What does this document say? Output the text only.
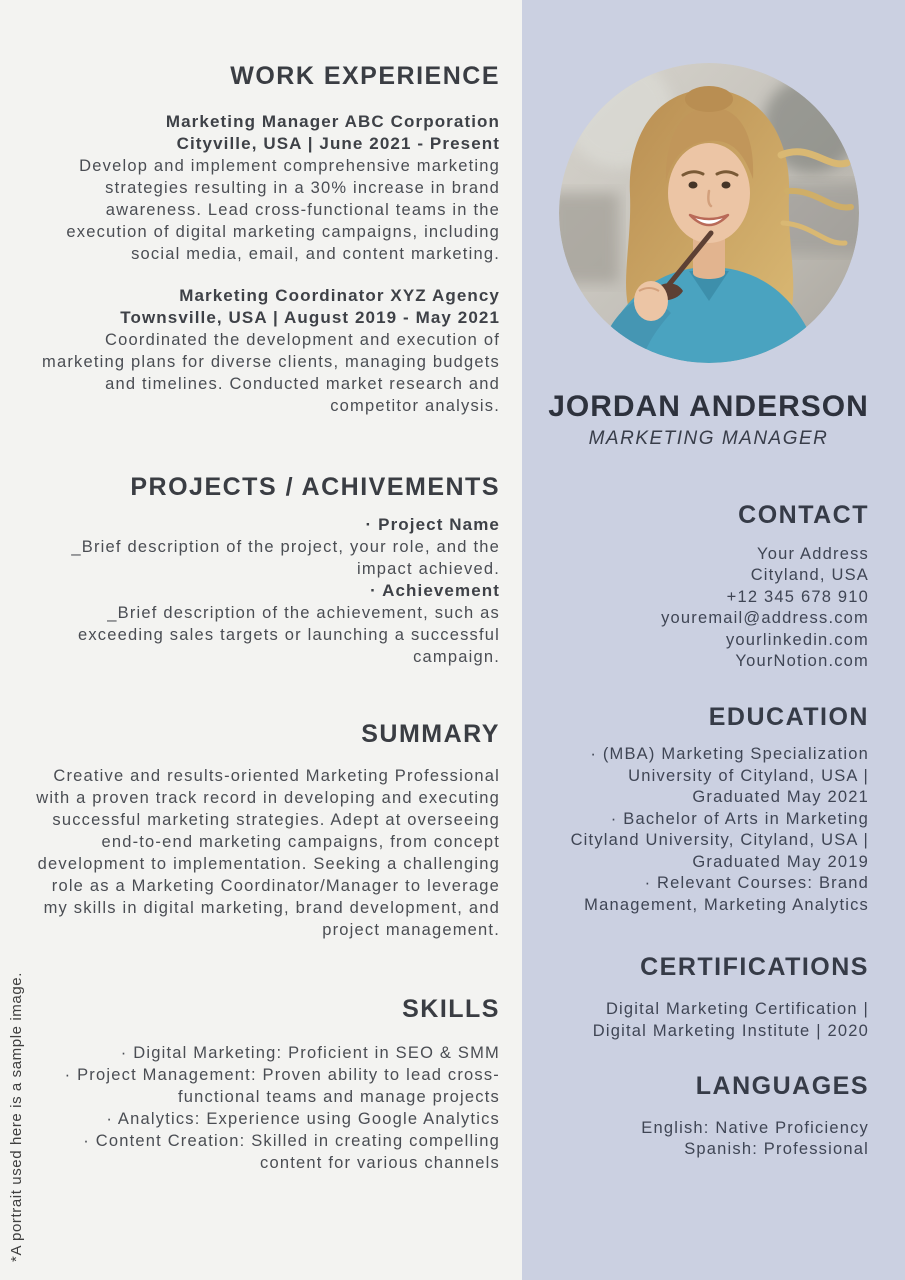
WORK EXPERIENCE

Marketing Manager ABC Corporation

Cityville, USA | June 2021 - Present

Develop and implement comprehensive marketing strategies resulting in a 30% increase in brand awareness. Lead cross-functional teams in the execution of digital marketing campaigns, including social media, email, and content marketing.

Marketing Coordinator XYZ Agency

Townsville, USA | August 2019 - May 2021

Coordinated the development and execution of marketing plans for diverse clients, managing budgets and timelines. Conducted market research and competitor analysis.

PROJECTS / ACHIVEMENTS

· Project Name

_Brief description of the project, your role, and the impact achieved.

· Achievement

_Brief description of the achievement, such as exceeding sales targets or launching a successful campaign.

SUMMARY

Creative and results-oriented Marketing Professional with a proven track record in developing and executing successful marketing strategies. Adept at overseeing end-to-end marketing campaigns, from concept development to implementation. Seeking a challenging role as a Marketing Coordinator/Manager to leverage my skills in digital marketing, brand development, and project management.

SKILLS

· Digital Marketing: Proficient in SEO & SMM

· Project Management: Proven ability to lead cross-functional teams and manage projects

· Analytics: Experience using Google Analytics

· Content Creation: Skilled in creating compelling content for various channels

JORDAN ANDERSON
MARKETING MANAGER
CONTACT

Your Address

Cityland, USA

+12 345 678 910

youremail@address.com

yourlinkedin.com

YourNotion.com

EDUCATION

· (MBA) Marketing Specialization University of Cityland, USA | Graduated May 2021

· Bachelor of Arts in Marketing Cityland University, Cityland, USA | Graduated May 2019

· Relevant Courses: Brand Management, Marketing Analytics

CERTIFICATIONS

Digital Marketing Certification | Digital Marketing Institute | 2020

LANGUAGES

English: Native Proficiency

Spanish: Professional

*A portrait used here is a sample image.
